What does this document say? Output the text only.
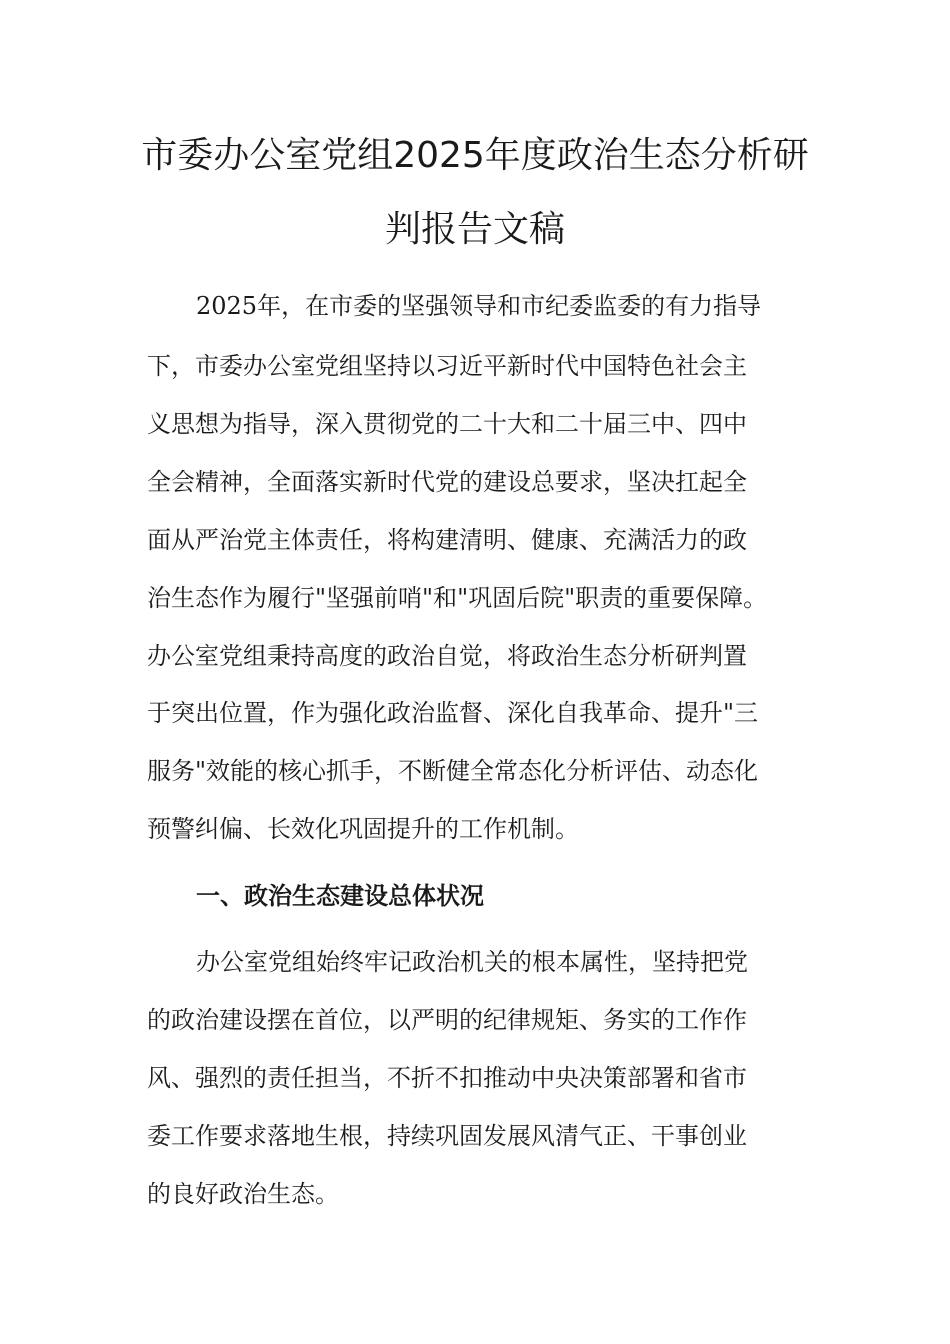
市委办公室党组2025年度政治生态分析研
判报告文稿

2025年，在市委的坚强领导和市纪委监委的有力指导

下，市委办公室党组坚持以习近平新时代中国特色社会主

义思想为指导，深入贯彻党的二十大和二十届三中、四中

全会精神，全面落实新时代党的建设总要求，坚决扛起全

面从严治党主体责任，将构建清明、健康、充满活力的政

治生态作为履行"坚强前哨"和"巩固后院"职责的重要保障。

办公室党组秉持高度的政治自觉，将政治生态分析研判置

于突出位置，作为强化政治监督、深化自我革命、提升"三

服务"效能的核心抓手，不断健全常态化分析评估、动态化

预警纠偏、长效化巩固提升的工作机制。

一、政治生态建设总体状况

办公室党组始终牢记政治机关的根本属性，坚持把党

的政治建设摆在首位，以严明的纪律规矩、务实的工作作

风、强烈的责任担当，不折不扣推动中央决策部署和省市

委工作要求落地生根，持续巩固发展风清气正、干事创业

的良好政治生态。
